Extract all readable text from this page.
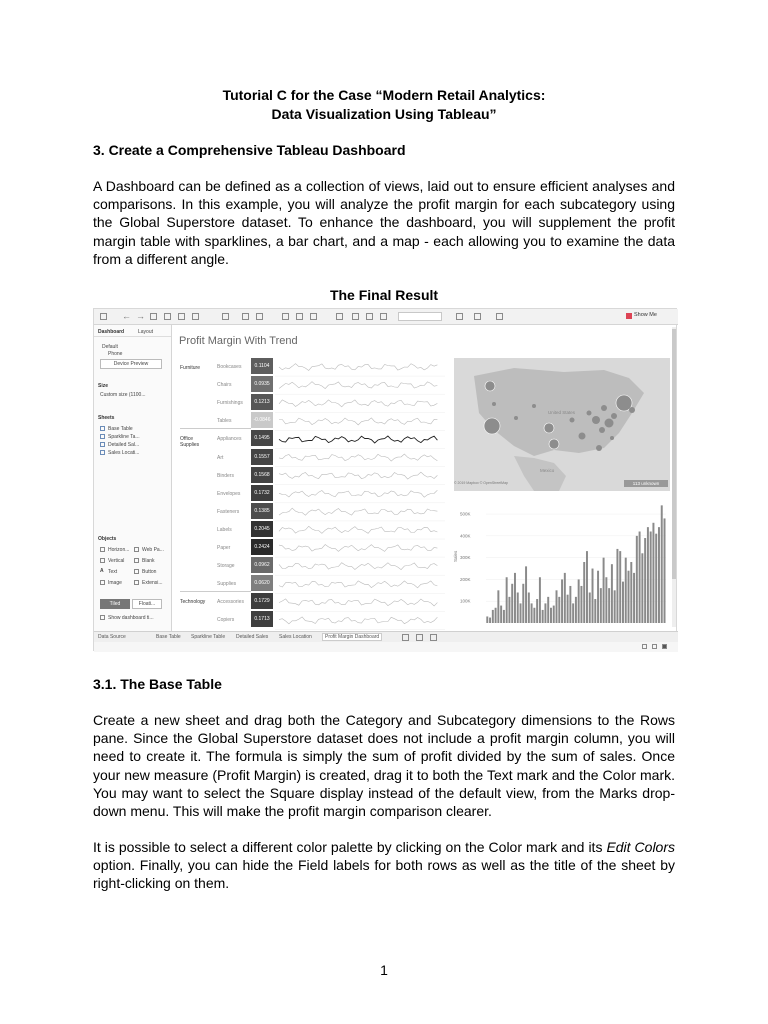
Tutorial C for the Case “Modern Retail Analytics:
Data Visualization Using Tableau”
3. Create a Comprehensive Tableau Dashboard

A Dashboard can be defined as a collection of views, laid out to ensure efficient analyses and comparisons. In this example, you will analyze the profit margin for each subcategory using the Global Superstore dataset. To enhance the dashboard, you will supplement the profit margin table with sparklines, a bar chart, and a map - each allowing you to examine the data from a different angle.

The Final Result
← →	Show Me
Dashboard	Layout
Default
Phone
Device Preview
Size
Custom size (1100...
Sheets
Base Table
Sparkline Ta...
Detailed Sal...
Sales Locati...
Objects
Horizon...	Web Pa...
Vertical	Blank
A Text	Button
Image	Extensi...
Tiled	Floati...
Show dashboard ti...
Profit Margin With Trend
Furniture
Office
Supplies
Technology
Bookcases	0.1104
Chairs	0.0935
Furnishings	0.1213
Tables	-0.0846
Appliances	0.1495
Art	0.1557
Binders	0.1568
Envelopes	0.1732
Fasteners	0.1385
Labels	0.2045
Paper	0.2424
Storage	0.0962
Supplies	0.0620
Accessories	0.1729
Copiers	0.1713
United States
Mexico
© 2019 Mapbox © OpenStreetMap	113 unknown
100K
200K
300K
400K
500K
Sales
Data Source	Base Table Sparkline Table Detailed Sales Sales Location	Profit Margin Dashboard
3.1. The Base Table

Create a new sheet and drag both the Category and Subcategory dimensions to the Rows pane. Since the Global Superstore dataset does not include a profit margin column, you will need to create it. The formula is simply the sum of profit divided by the sum of sales. Once your new measure (Profit Margin) is created, drag it to both the Text mark and the Color mark. You may want to select the Square display instead of the default view, from the Marks drop-down menu. This will make the profit margin comparison clearer.

It is possible to select a different color palette by clicking on the Color mark and its Edit Colors option. Finally, you can hide the Field labels for both rows as well as the title of the sheet by right-clicking on them.

1
